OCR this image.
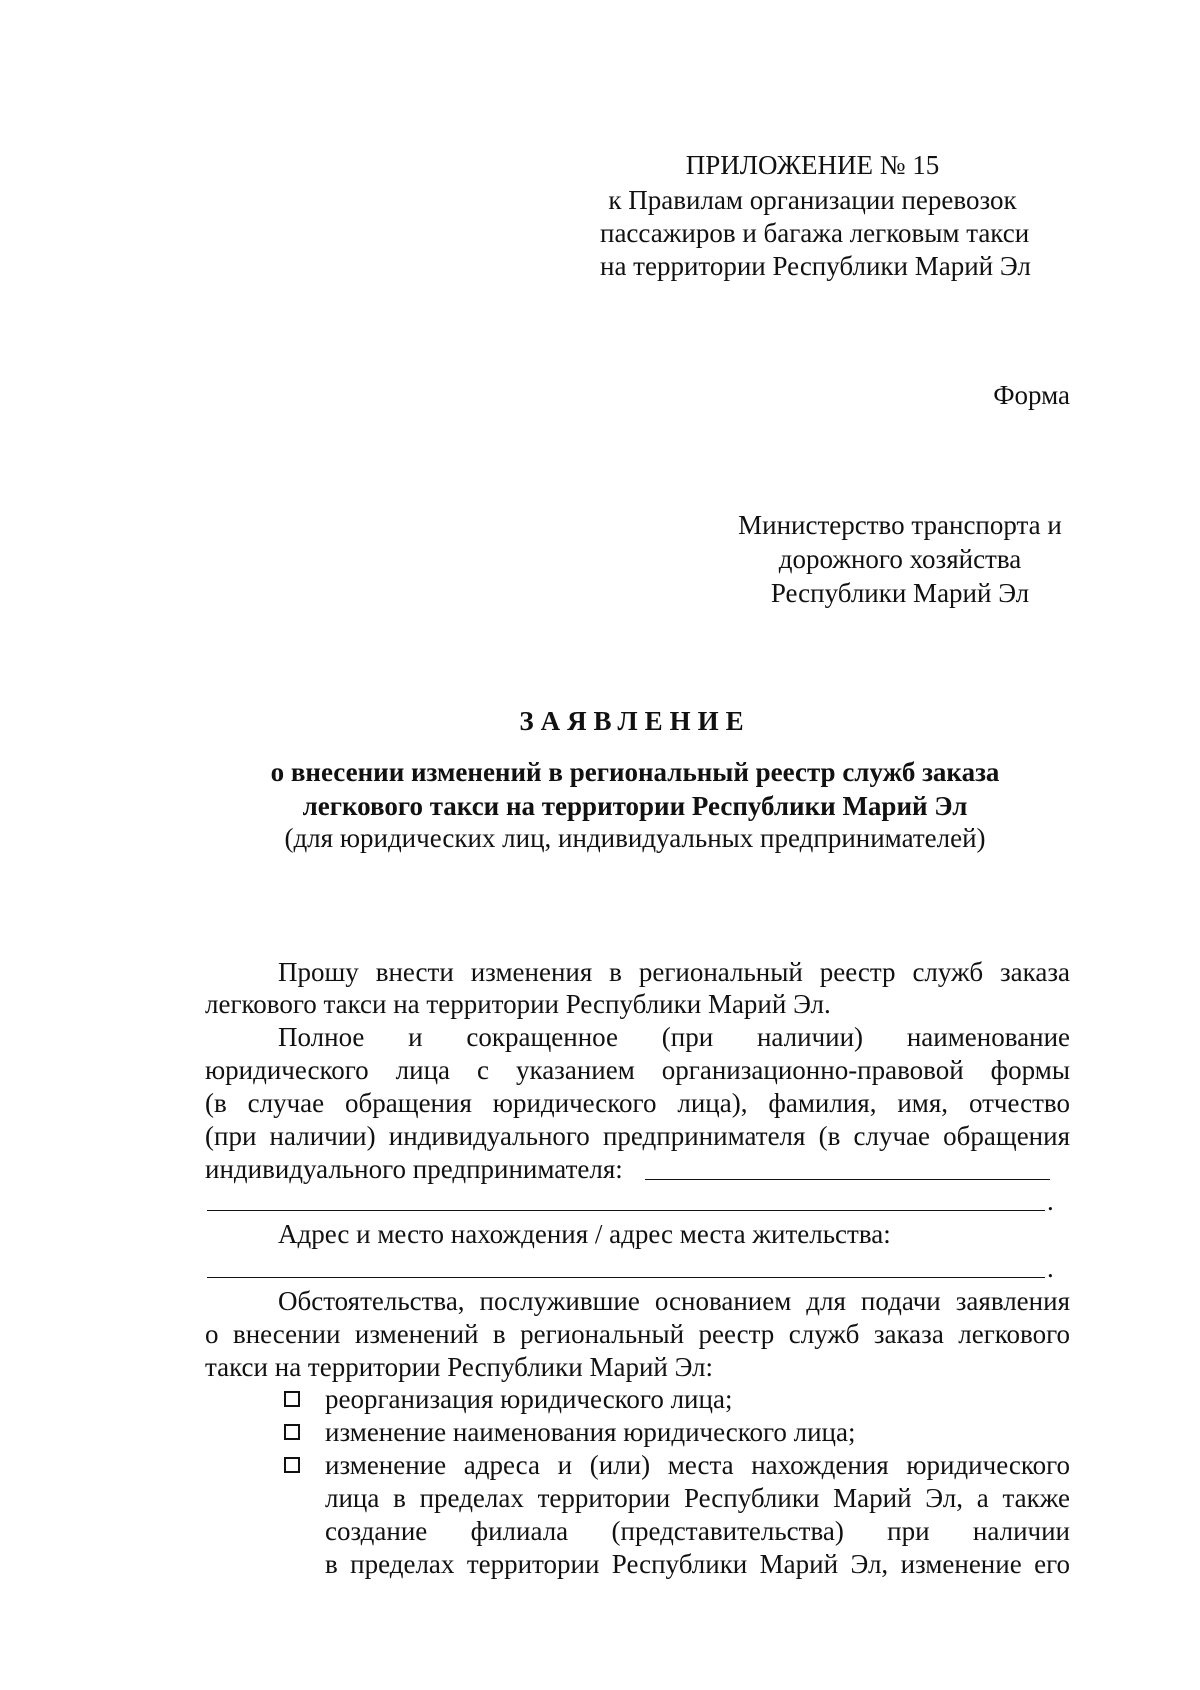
ПРИЛОЖЕНИЕ № 15
к Правилам организации перевозок
пассажиров и багажа легковым такси
на территории Республики Марий Эл
Форма
Министерство транспорта и
дорожного хозяйства
Республики Марий Эл
ЗАЯВЛЕНИЕ
о внесении изменений в региональный реестр служб заказа
легкового такси на территории Республики Марий Эл
(для юридических лиц, индивидуальных предпринимателей)
Прошу внести изменения в региональный реестр служб заказа
легкового такси на территории Республики Марий Эл.
Полное и сокращенное (при наличии) наименование
юридического лица с указанием организационно-правовой формы
(в случае обращения юридического лица), фамилия, имя, отчество
(при наличии) индивидуального предпринимателя (в случае обращения
индивидуального предпринимателя:
.
Адрес и место нахождения / адрес места жительства:
.
Обстоятельства, послужившие основанием для подачи заявления
о внесении изменений в региональный реестр служб заказа легкового
такси на территории Республики Марий Эл:
реорганизация юридического лица;
изменение наименования юридического лица;
изменение адреса и (или) места нахождения юридического
лица в пределах территории Республики Марий Эл, а также
создание филиала (представительства) при наличии
в пределах территории Республики Марий Эл, изменение его
